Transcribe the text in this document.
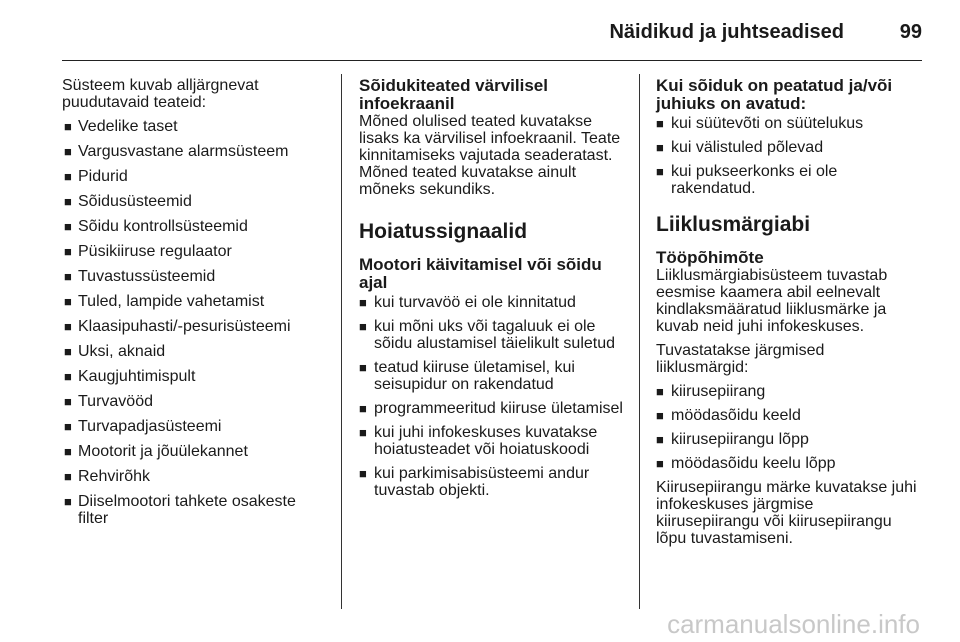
Näidikud ja juhtseadised	99
Süsteem kuvab alljärgnevat
puudutavaid teateid:
■ Vedelike taset
■ Vargusvastane alarmsüsteem
■ Pidurid
■ Sõidusüsteemid
■ Sõidu kontrollsüsteemid
■ Püsikiiruse regulaator
■ Tuvastussüsteemid
■ Tuled, lampide vahetamist
■ Klaasipuhasti/-pesurisüsteemi
■ Uksi, aknaid
■ Kaugjuhtimispult
■ Turvavööd
■ Turvapadjasüsteemi
■ Mootorit ja jõuülekannet
■ Rehvirõhk
■ Diiselmootori tahkete osakeste
filter
Sõidukiteated värvilisel
infoekraanil
Mõned olulised teated kuvatakse
lisaks ka värvilisel infoekraanil. Teate
kinnitamiseks vajutada seaderatast.
Mõned teated kuvatakse ainult
mõneks sekundiks.
Hoiatussignaalid
Mootori käivitamisel või sõidu ajal
■ kui turvavöö ei ole kinnitatud
■ kui mõni uks või tagaluuk ei ole
sõidu alustamisel täielikult suletud
■ teatud kiiruse ületamisel, kui
seisupidur on rakendatud
■ programmeeritud kiiruse ületamisel
■ kui juhi infokeskuses kuvatakse
hoiatusteadet või hoiatuskoodi
■ kui parkimisabisüsteemi andur
tuvastab objekti.
Kui sõiduk on peatatud ja/või
juhiuks on avatud:
■ kui süütevõti on süütelukus
■ kui välistuled põlevad
■ kui pukseerkonks ei ole
rakendatud.
Liiklusmärgiabi
Tööpõhimõte
Liiklusmärgiabisüsteem tuvastab
eesmise kaamera abil eelnevalt
kindlaksmääratud liiklusmärke ja
kuvab neid juhi infokeskuses.
Tuvastatakse järgmised
liiklusmärgid:
■ kiirusepiirang
■ möödasõidu keeld
■ kiirusepiirangu lõpp
■ möödasõidu keelu lõpp
Kiirusepiirangu märke kuvatakse juhi
infokeskuses järgmise
kiirusepiirangu või kiirusepiirangu
lõpu tuvastamiseni.
carmanualsonline.info
